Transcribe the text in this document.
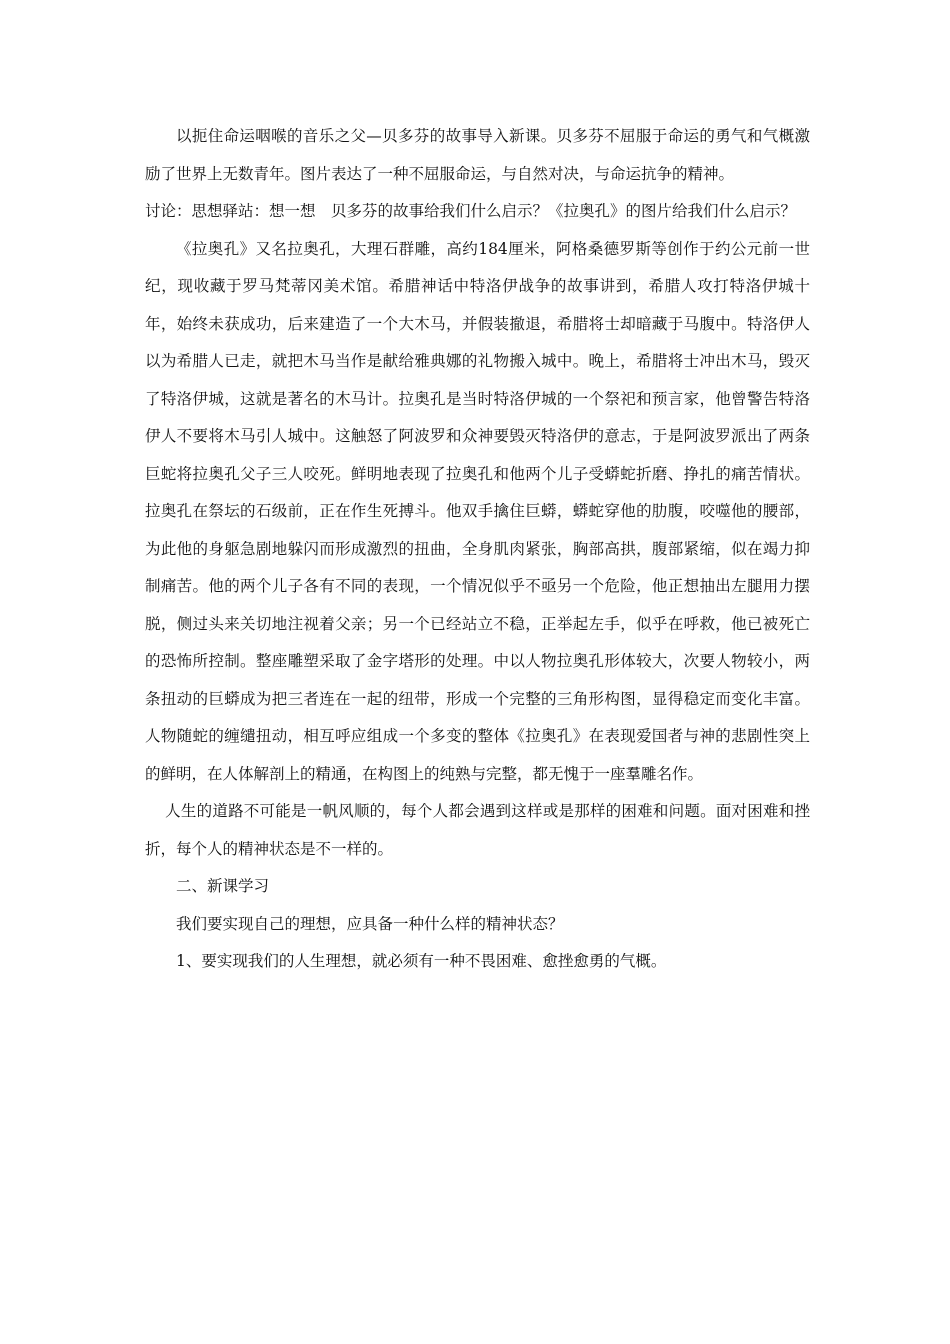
以扼住命运咽喉的音乐之父—贝多芬的故事导入新课。贝多芬不屈服于命运的勇气和气概激励了世界上无数青年。图片表达了一种不屈服命运，与自然对决，与命运抗争的精神。

讨论：思想驿站：想一想　贝多芬的故事给我们什么启示？《拉奥孔》的图片给我们什么启示？

《拉奥孔》又名拉奥孔，大理石群雕，高约184厘米，阿格桑德罗斯等创作于约公元前一世纪，现收藏于罗马梵蒂冈美术馆。希腊神话中特洛伊战争的故事讲到，希腊人攻打特洛伊城十年，始终未获成功，后来建造了一个大木马，并假装撤退，希腊将士却暗藏于马腹中。特洛伊人以为希腊人已走，就把木马当作是献给雅典娜的礼物搬入城中。晚上，希腊将士冲出木马，毁灭了特洛伊城，这就是著名的木马计。拉奥孔是当时特洛伊城的一个祭祀和预言家，他曾警告特洛伊人不要将木马引人城中。这触怒了阿波罗和众神要毁灭特洛伊的意志，于是阿波罗派出了两条巨蛇将拉奥孔父子三人咬死。鲜明地表现了拉奥孔和他两个儿子受蟒蛇折磨、挣扎的痛苦情状。拉奥孔在祭坛的石级前，正在作生死搏斗。他双手擒住巨蟒，蟒蛇穿他的肋腹，咬噬他的腰部，为此他的身躯急剧地躲闪而形成激烈的扭曲，全身肌肉紧张，胸部高拱，腹部紧缩，似在竭力抑制痛苦。他的两个儿子各有不同的表现，一个情况似乎不亟另一个危险，他正想抽出左腿用力摆脱，侧过头来关切地注视着父亲；另一个已经站立不稳，正举起左手，似乎在呼救，他已被死亡的恐怖所控制。整座雕塑采取了金字塔形的处理。中以人物拉奥孔形体较大，次要人物较小，两条扭动的巨蟒成为把三者连在一起的纽带，形成一个完整的三角形构图，显得稳定而变化丰富。人物随蛇的缠缱扭动，相互呼应组成一个多变的整体《拉奥孔》在表现爱国者与神的悲剧性突上的鲜明，在人体解剖上的精通，在构图上的纯熟与完整，都无愧于一座羣雕名作。

人生的道路不可能是一帆风顺的，每个人都会遇到这样或是那样的困难和问题。面对困难和挫折，每个人的精神状态是不一样的。

二、新课学习

我们要实现自己的理想，应具备一种什么样的精神状态？

1、要实现我们的人生理想，就必须有一种不畏困难、愈挫愈勇的气概。
